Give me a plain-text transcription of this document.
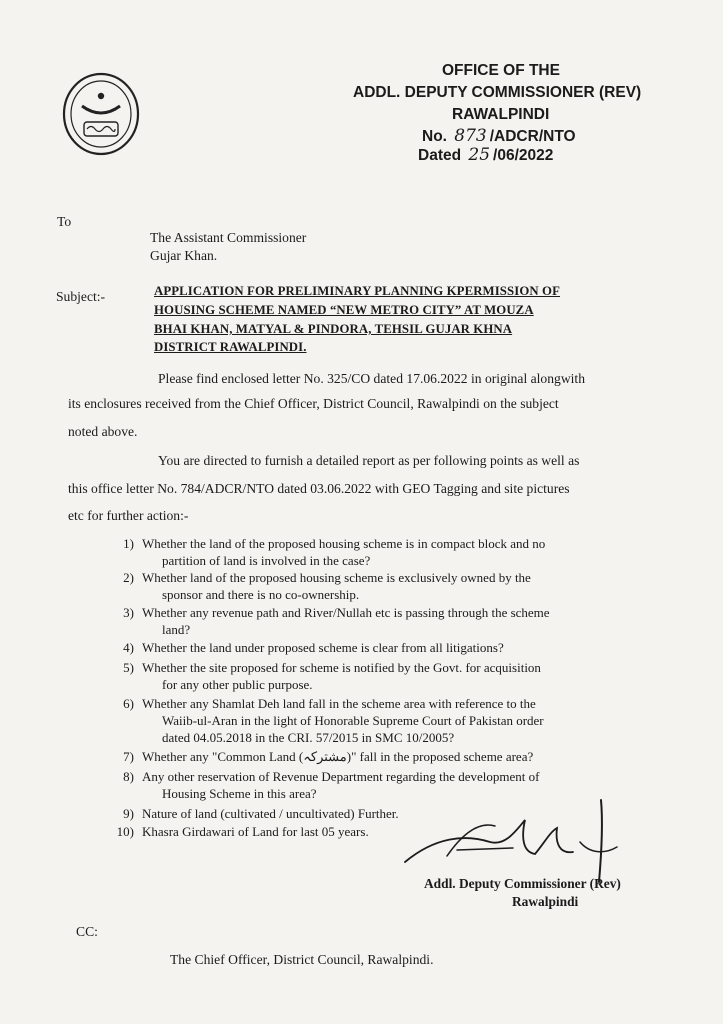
OFFICE OF THE
ADDL. DEPUTY COMMISSIONER (REV)
RAWALPINDI
No. 873 /ADCR/NTO
Dated 25 /06/2022
To
The Assistant Commissioner
Gujar Khan.
Subject:-	APPLICATION FOR PRELIMINARY PLANNING KPERMISSION OF
HOUSING SCHEME NAMED “NEW METRO CITY” AT MOUZA
BHAI KHAN, MATYAL & PINDORA, TEHSIL GUJAR KHNA
DISTRICT RAWALPINDI.
Please find enclosed letter No. 325/CO dated 17.06.2022 in original alongwith
its enclosures received from the Chief Officer, District Council, Rawalpindi on the subject
noted above.
You are directed to furnish a detailed report as per following points as well as
this office letter No. 784/ADCR/NTO dated 03.06.2022 with GEO Tagging and site pictures
etc for further action:-
1) Whether the land of the proposed housing scheme is in compact block and no
partition of land is involved in the case?
2) Whether land of the proposed housing scheme is exclusively owned by the
sponsor and there is no co-ownership.
3) Whether any revenue path and River/Nullah etc is passing through the scheme
land?
4) Whether the land under proposed scheme is clear from all litigations?
5) Whether the site proposed for scheme is notified by the Govt. for acquisition
for any other public purpose.
6) Whether any Shamlat Deh land fall in the scheme area with reference to the
Waiib-ul-Aran in the light of Honorable Supreme Court of Pakistan order
dated 04.05.2018 in the CRI. 57/2015 in SMC 10/2005?
7) Whether any "Common Land (مشترکہ)" fall in the proposed scheme area?
8) Any other reservation of Revenue Department regarding the development of
Housing Scheme in this area?
9) Nature of land (cultivated / uncultivated) Further.
10) Khasra Girdawari of Land for last 05 years.
Addl. Deputy Commissioner (Rev)
Rawalpindi
CC:
The Chief Officer, District Council, Rawalpindi.
